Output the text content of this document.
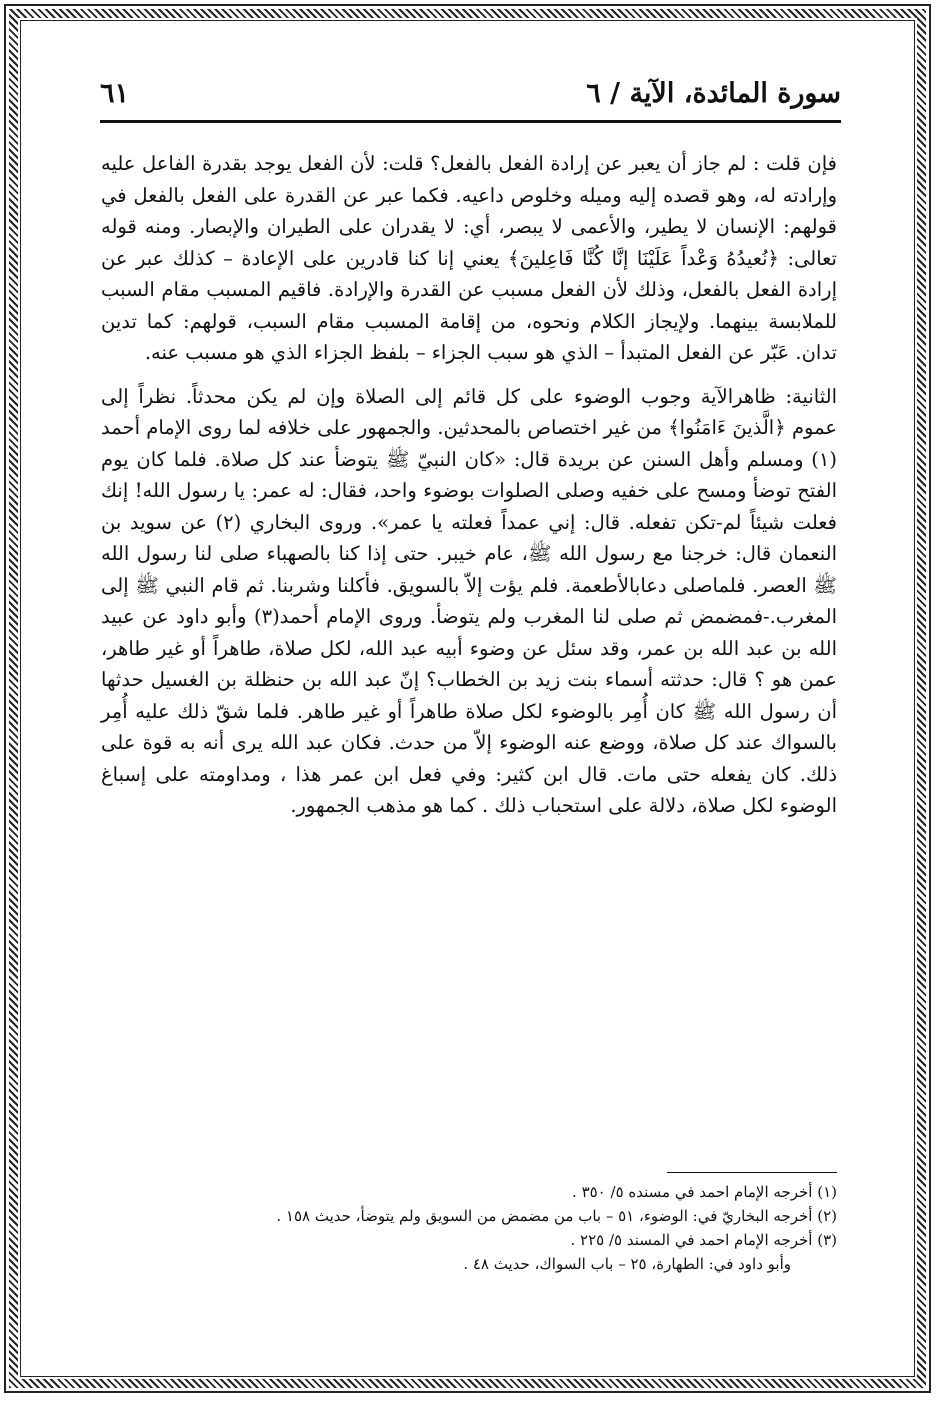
سورة المائدة، الآية / ٦
٦١

فإن قلت : لم جاز أن يعبر عن إرادة الفعل بالفعل؟ قلت: لأن الفعل يوجد بقدرة الفاعل عليه وإرادته له، وهو قصده إليه وميله وخلوص داعيه. فكما عبر عن القدرة على الفعل بالفعل في قولهم: الإنسان لا يطير، والأعمى لا يبصر، أي: لا يقدران على الطيران والإبصار. ومنه قوله تعالى: ﴿نُعيدُهُ وَعْداً عَلَيْنَا إنَّا كُنَّا فَاعِلينَ﴾ يعني إنا كنا قادرين على الإعادة – كذلك عبر عن إرادة الفعل بالفعل، وذلك لأن الفعل مسبب عن القدرة والإرادة. فاقيم المسبب مقام السبب للملابسة بينهما. ولإيجاز الكلام ونحوه، من إقامة المسبب مقام السبب، قولهم: كما تدين تدان. عَبّر عن الفعل المتبدأ – الذي هو سبب الجزاء – بلفظ الجزاء الذي هو مسبب عنه.

الثانية: ظاهرالآية وجوب الوضوء على كل قائم إلى الصلاة وإن لم يكن محدثاً. نظراً إلى عموم ﴿الَّذينَ ءَامَنُوا﴾ من غير اختصاص بالمحدثين. والجمهور على خلافه لما روى الإمام أحمد (١) ومسلم وأهل السنن عن بريدة قال: «كان النبيّ ﷺ يتوضأ عند كل صلاة. فلما كان يوم الفتح توضأ ومسح على خفيه وصلى الصلوات بوضوء واحد، فقال: له عمر: يا رسول الله! إنك فعلت شيئاً لم-تكن تفعله. قال: إني عمداً فعلته يا عمر». وروى البخاري (٢) عن سويد بن النعمان قال: خرجنا مع رسول الله ﷺ، عام خيبر. حتى إذا كنا بالصهباء صلى لنا رسول الله ﷺ العصر. فلماصلى دعابالأطعمة. فلم يؤت إلاّ بالسويق. فأكلنا وشربنا. ثم قام النبي ﷺ إلى المغرب.-فمضمض ثم صلى لنا المغرب ولم يتوضأ. وروى الإمام أحمد(٣) وأبو داود عن عبيد الله بن عبد الله بن عمر، وقد سئل عن وضوء أبيه عبد الله، لكل صلاة، طاهراً أو غير طاهر، عمن هو ؟ قال: حدثته أسماء بنت زيد بن الخطاب؟ إنّ عبد الله بن حنظلة بن الغسيل حدثها أن رسول الله ﷺ كان أُمِر بالوضوء لكل صلاة طاهراً أو غير طاهر. فلما شقّ ذلك عليه أُمِر بالسواك عند كل صلاة، ووضع عنه الوضوء إلاّ من حدث. فكان عبد الله يرى أنه به قوة على ذلك. كان يفعله حتى مات. قال ابن كثير: وفي فعل ابن عمر هذا ، ومداومته على إسباغ الوضوء لكل صلاة، دلالة على استحباب ذلك . كما هو مذهب الجمهور.

(١) أخرجه الإمام احمد في مسنده ٥/ ٣٥٠ .

(٢) أخرجه البخاريّ في: الوضوء، ٥١ – باب من مضمض من السويق ولم يتوضأ، حديث ١٥٨ .

(٣) أخرجه الإمام احمد في المسند ٥/ ٢٢٥ .

وأبو داود في: الطهارة، ٢٥ – باب السواك، حديث ٤٨ .
